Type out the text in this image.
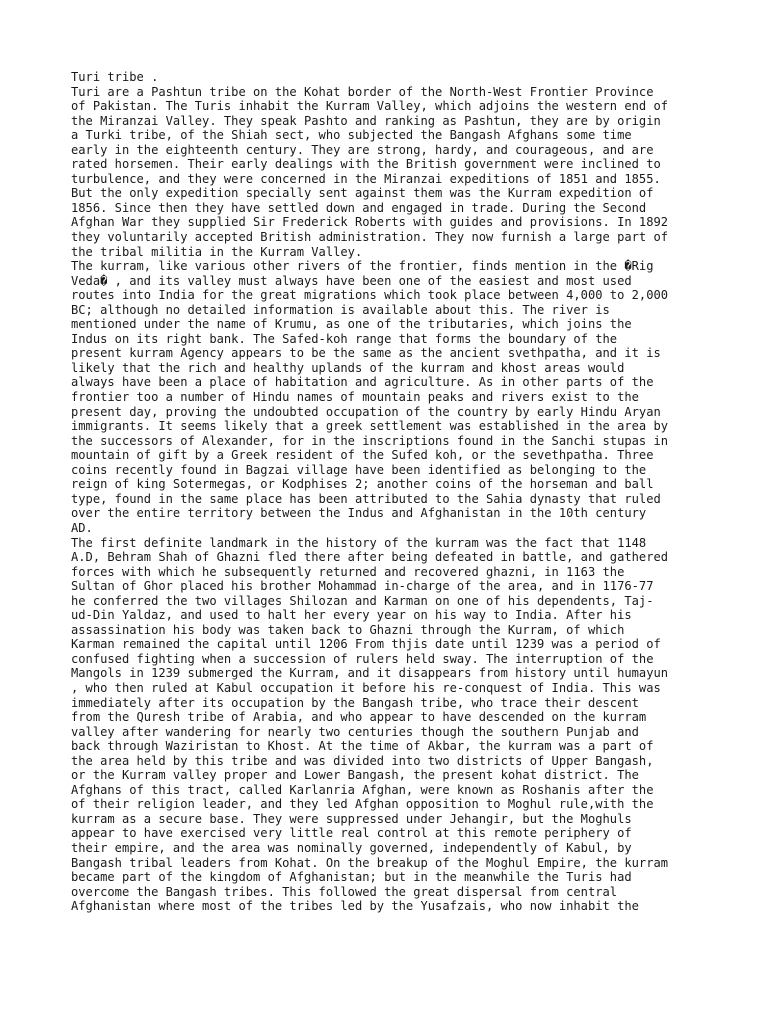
Turi tribe .
Turi are a Pashtun tribe on the Kohat border of the North-West Frontier Province
of Pakistan. The Turis inhabit the Kurram Valley, which adjoins the western end of
the Miranzai Valley. They speak Pashto and ranking as Pashtun, they are by origin
a Turki tribe, of the Shiah sect, who subjected the Bangash Afghans some time
early in the eighteenth century. They are strong, hardy, and courageous, and are
rated horsemen. Their early dealings with the British government were inclined to
turbulence, and they were concerned in the Miranzai expeditions of 1851 and 1855.
But the only expedition specially sent against them was the Kurram expedition of
1856. Since then they have settled down and engaged in trade. During the Second
Afghan War they supplied Sir Frederick Roberts with guides and provisions. In 1892
they voluntarily accepted British administration. They now furnish a large part of
the tribal militia in the Kurram Valley.
The kurram, like various other rivers of the frontier, finds mention in the �Rig
Veda� , and its valley must always have been one of the easiest and most used
routes into India for the great migrations which took place between 4,000 to 2,000
BC; although no detailed information is available about this. The river is
mentioned under the name of Krumu, as one of the tributaries, which joins the
Indus on its right bank. The Safed-koh range that forms the boundary of the
present kurram Agency appears to be the same as the ancient svethpatha, and it is
likely that the rich and healthy uplands of the kurram and khost areas would
always have been a place of habitation and agriculture. As in other parts of the
frontier too a number of Hindu names of mountain peaks and rivers exist to the
present day, proving the undoubted occupation of the country by early Hindu Aryan
immigrants. It seems likely that a greek settlement was established in the area by
the successors of Alexander, for in the inscriptions found in the Sanchi stupas in
mountain of gift by a Greek resident of the Sufed koh, or the sevethpatha. Three
coins recently found in Bagzai village have been identified as belonging to the
reign of king Sotermegas, or Kodphises 2; another coins of the horseman and ball
type, found in the same place has been attributed to the Sahia dynasty that ruled
over the entire territory between the Indus and Afghanistan in the 10th century
AD.
The first definite landmark in the history of the kurram was the fact that 1148
A.D, Behram Shah of Ghazni fled there after being defeated in battle, and gathered
forces with which he subsequently returned and recovered ghazni, in 1163 the
Sultan of Ghor placed his brother Mohammad in-charge of the area, and in 1176-77
he conferred the two villages Shilozan and Karman on one of his dependents, Taj-
ud-Din Yaldaz, and used to halt her every year on his way to India. After his
assassination his body was taken back to Ghazni through the Kurram, of which
Karman remained the capital until 1206 From thjis date until 1239 was a period of
confused fighting when a succession of rulers held sway. The interruption of the
Mangols in 1239 submerged the Kurram, and it disappears from history until humayun
, who then ruled at Kabul occupation it before his re-conquest of India. This was
immediately after its occupation by the Bangash tribe, who trace their descent
from the Quresh tribe of Arabia, and who appear to have descended on the kurram
valley after wandering for nearly two centuries though the southern Punjab and
back through Waziristan to Khost. At the time of Akbar, the kurram was a part of
the area held by this tribe and was divided into two districts of Upper Bangash,
or the Kurram valley proper and Lower Bangash, the present kohat district. The
Afghans of this tract, called Karlanria Afghan, were known as Roshanis after the
of their religion leader, and they led Afghan opposition to Moghul rule,with the
kurram as a secure base. They were suppressed under Jehangir, but the Moghuls
appear to have exercised very little real control at this remote periphery of
their empire, and the area was nominally governed, independently of Kabul, by
Bangash tribal leaders from Kohat. On the breakup of the Moghul Empire, the kurram
became part of the kingdom of Afghanistan; but in the meanwhile the Turis had
overcome the Bangash tribes. This followed the great dispersal from central
Afghanistan where most of the tribes led by the Yusafzais, who now inhabit the
